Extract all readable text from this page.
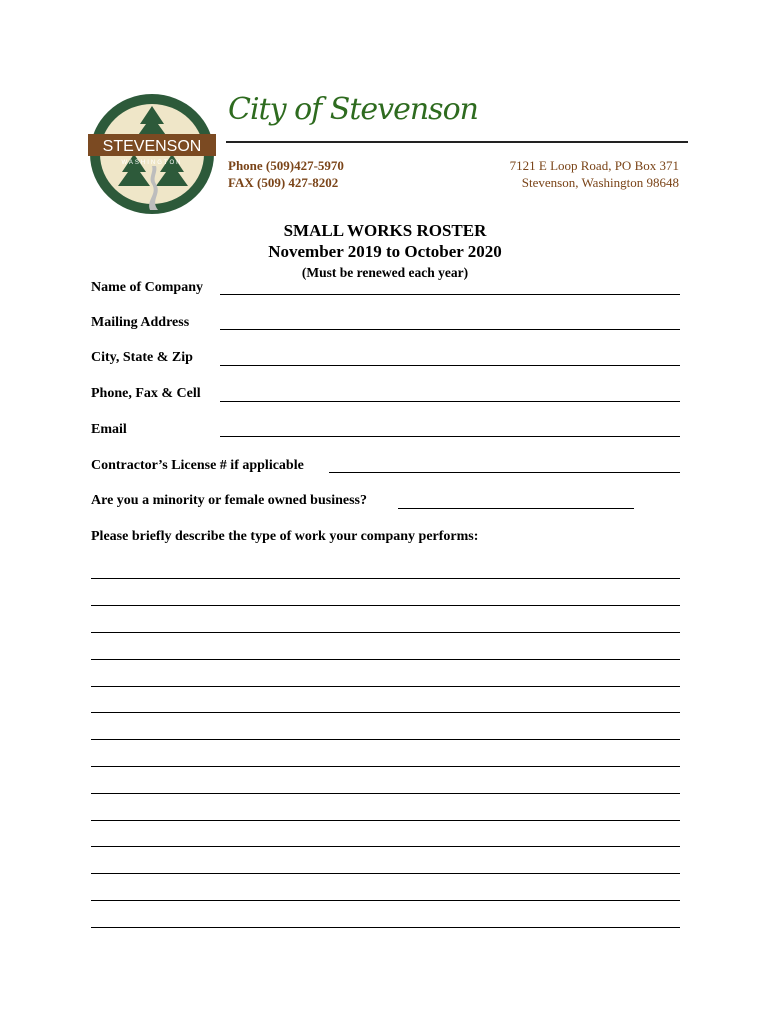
STEVENSON
WASHINGTON
City of Stevenson
Phone (509)427-5970
FAX (509) 427-8202
7121 E Loop Road, PO Box 371
Stevenson, Washington 98648
SMALL WORKS ROSTER
November 2019 to October 2020
(Must be renewed each year)
Name of Company
Mailing Address
City, State & Zip
Phone, Fax & Cell
Email
Contractor’s License # if applicable
Are you a minority or female owned business?
Please briefly describe the type of work your company performs:
